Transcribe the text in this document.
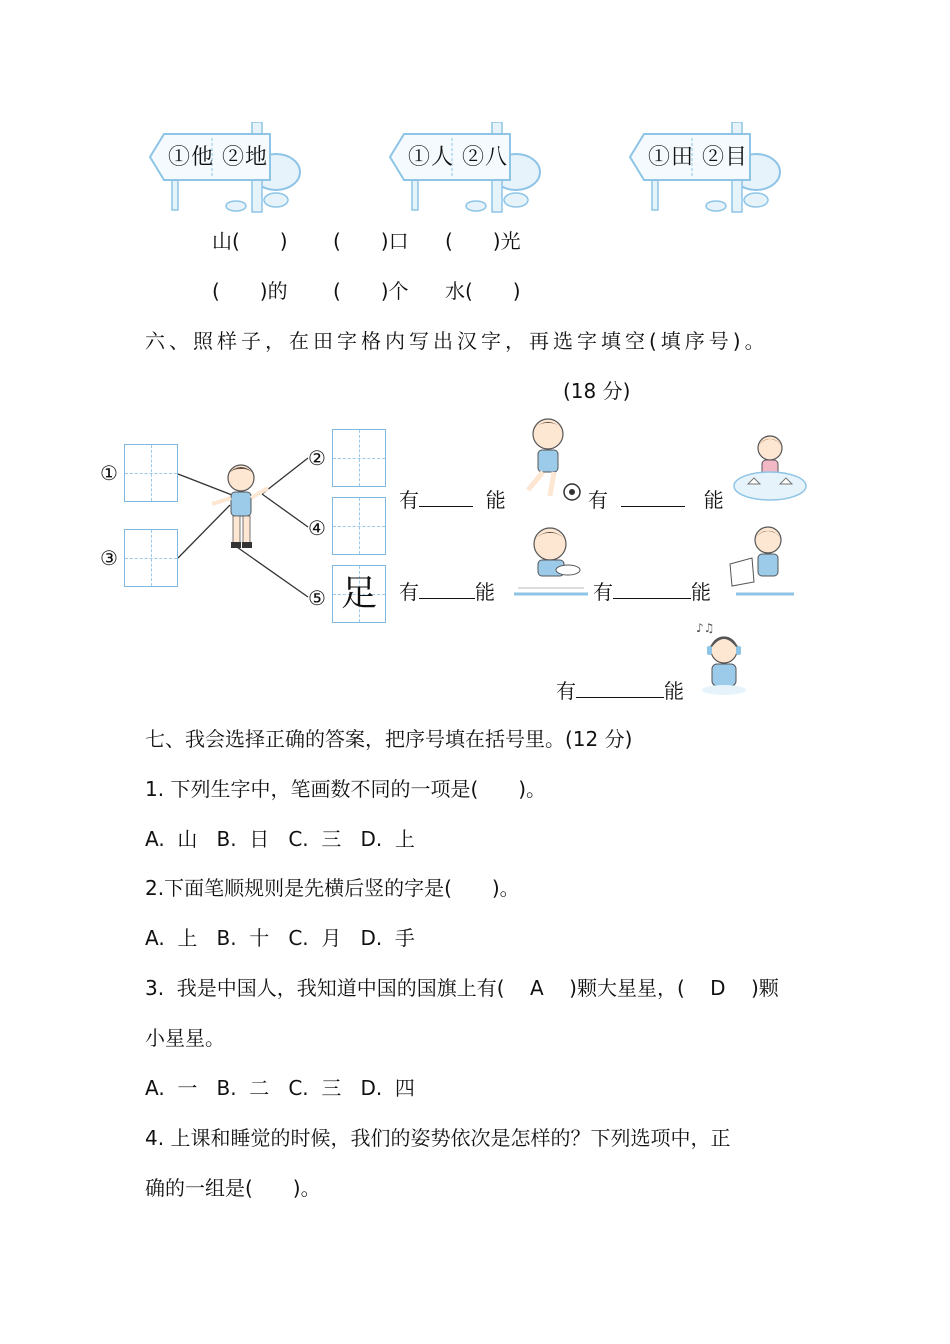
①他 ②地	①人 ②八	①田 ②目
山(　　) (　　)口 (　　)光
(　　)的 (　　)个 水(　　)
六、照样子，在田字格内写出汉字，再选字填空(填序号)。
(18 分)
足
①
③
②
④
⑤
♪♫
有	能	有	能
有	能	有	能
有	能
七、我会选择正确的答案，把序号填在括号里。(12 分)
1. 下列生字中，笔画数不同的一项是(　　)。
A.  山   B.  日   C.  三   D.  上
2.下面笔顺规则是先横后竖的字是(　　)。
A.  上   B.  十   C.  月   D.  手
3.  我是中国人，我知道中国的国旗上有(    A    )颗大星星，(    D    )颗
小星星。
A.  一   B.  二   C.  三   D.  四
4. 上课和睡觉的时候，我们的姿势依次是怎样的？下列选项中，正
确的一组是(　　)。
